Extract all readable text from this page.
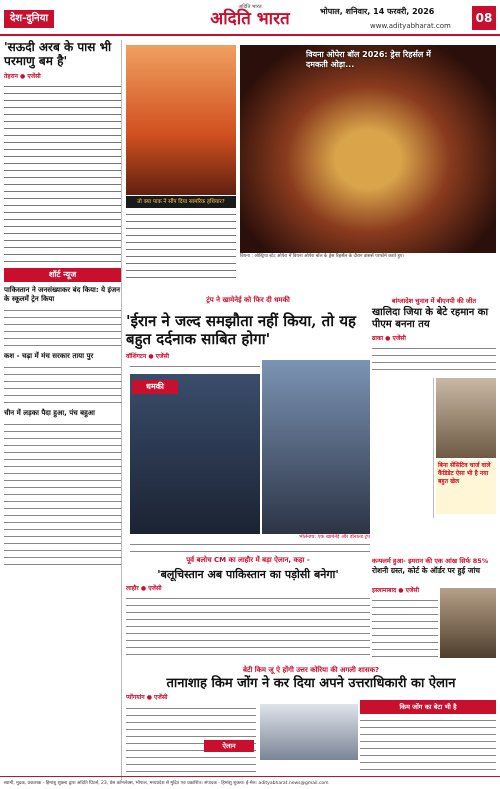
देश-दुनिया
अदिति भारत
अदिति भारत	भोपाल, शनिवार, 14 फरवरी, 2026
www.adityabharat.com
08
'सऊदी अरब के पास भी परमाणु बम है'
तेहरान ● एजेंसी
शॉर्ट न्यूज
पाकिस्तान ने जनसंख्याकर बंद किया: ये इंजन के स्कूलमें ट्रेन किया
कश - चढ़ा में मंच सरकार ताया पुर
चीन में लड़का पैदा हुआ, पंच बहुआ
तो क्या पाक ने सौंप दिया सामरिक हथियार?
वियना ओपेरा बॉल 2026: ड्रेस रिहर्सल में दमकती ओड़ा...
वियना : ऑस्ट्रिया स्टेट ओपेरा में वियना ओपेरा बॉल के ड्रेस रिहर्सल के दौरान डांसर्स परफॉर्म करते हुए।
ट्रंप ने खामेनेई को फिर दी धमकी
'ईरान ने जल्द समझौता नहीं किया, तो यह बहुत दर्दनाक साबित होगा'
वॉशिंगटन ● एजेंसी
धमकी
भोलेनाथ: एक खामेनेई और डोनाल्ड ट्रंप
बांग्लादेश चुनाव में बीएनपी की जीत
खालिदा जिया के बेटे रहमान का पीएम बनना तय
ढाका ● एजेंसी
बिना सेंसिटिव चार्ज वाले कैंडिडेट ऐसा भी है नया बहुत खेल
पूर्व बलोच CM का लाहौर में बड़ा ऐलान, कहा -
'बलूचिस्तान अब पाकिस्तान का पड़ोसी बनेगा'
लाहौर ● एजेंसी
कन्फ्लर्म हुआ- इमरान की एक आंख सिर्फ 85%
रोशनी ग्रस्त, कोर्ट के ऑर्डर पर हुई जांच
इस्लामाबाद ● एजेंसी
बेटी किम जू ऐ होंगी उत्तर कोरिया की अगली शासक?
तानाशाह किम जोंग ने कर दिया अपने उत्तराधिकारी का ऐलान
प्योंगयांग ● एजेंसी
ऐलान
किम जोंग का बेटा भी है
स्वामी, मुद्रक, प्रकाशक - हिमांशु शुक्ला द्वारा अदिति प्रिंटर्स, 23, प्रेस कॉम्प्लेक्स, भोपाल, मध्यप्रदेश से मुद्रित एवं प्रकाशित। संपादक - हिमांशु शुक्ला। ई-मेल: adityabharat.news@gmail.com
